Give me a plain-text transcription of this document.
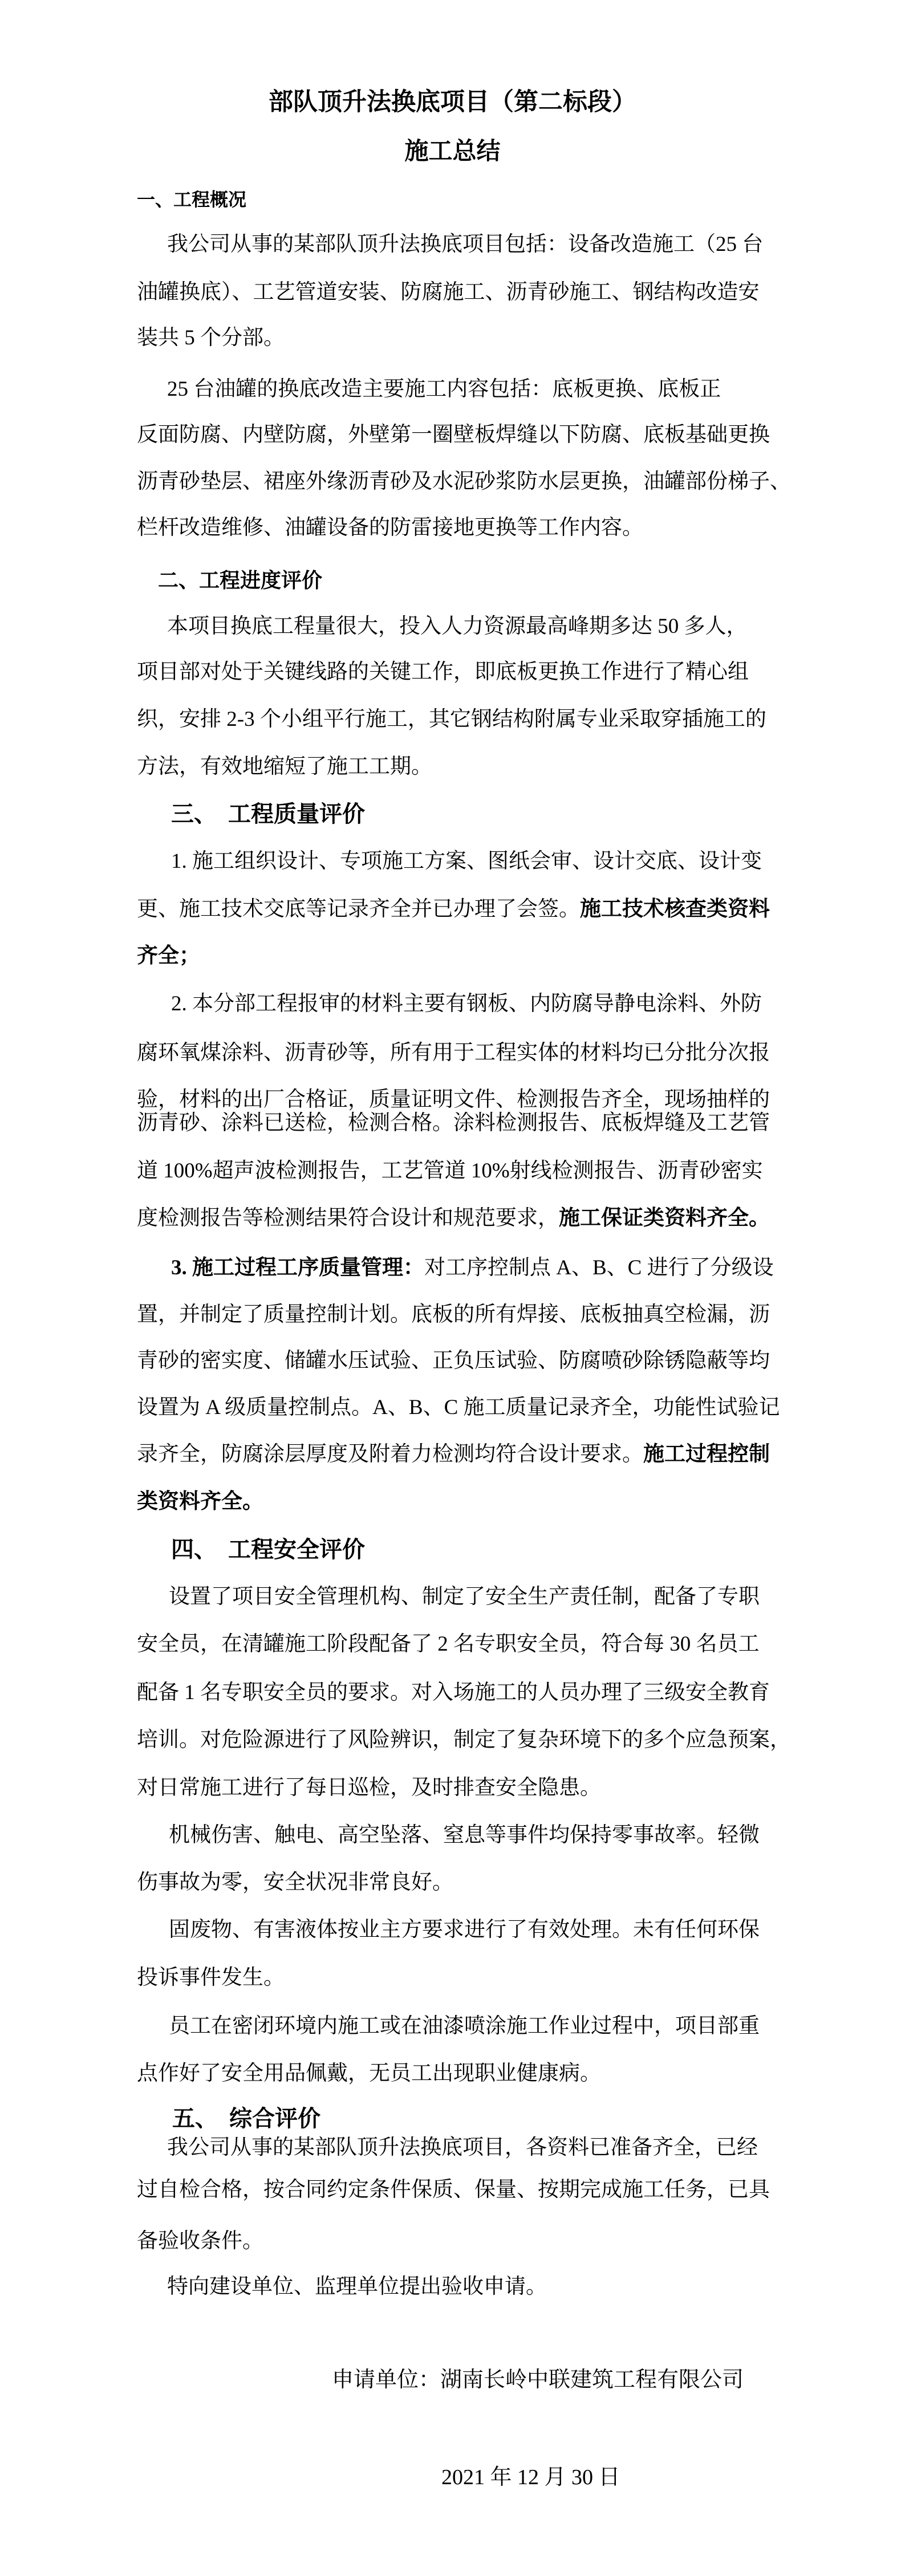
部队顶升法换底项目（第二标段）
施工总结
一、工程概况
二、工程进度评价
三、　工程质量评价
四、　工程安全评价
五、　综合评价
申请单位：湖南长岭中联建筑工程有限公司
2021 年 12 月 30 日
我公司从事的某部队顶升法换底项目包括：设备改造施工（25 台
油罐换底）、工艺管道安装、防腐施工、沥青砂施工、钢结构改造安
装共 5 个分部。
25 台油罐的换底改造主要施工内容包括：底板更换、底板正
反面防腐、内壁防腐，外壁第一圈壁板焊缝以下防腐、底板基础更换
沥青砂垫层、裙座外缘沥青砂及水泥砂浆防水层更换，油罐部份梯子、
栏杆改造维修、油罐设备的防雷接地更换等工作内容。
本项目换底工程量很大，投入人力资源最高峰期多达 50 多人，
项目部对处于关键线路的关键工作，即底板更换工作进行了精心组
织，安排 2-3 个小组平行施工，其它钢结构附属专业采取穿插施工的
方法，有效地缩短了施工工期。
1. 施工组织设计、专项施工方案、图纸会审、设计交底、设计变
更、施工技术交底等记录齐全并已办理了会签。施工技术核查类资料
齐全；
2. 本分部工程报审的材料主要有钢板、内防腐导静电涂料、外防
腐环氧煤涂料、沥青砂等，所有用于工程实体的材料均已分批分次报
验，材料的出厂合格证，质量证明文件、检测报告齐全，现场抽样的
沥青砂、涂料已送检，检测合格。涂料检测报告、底板焊缝及工艺管
道 100%超声波检测报告，工艺管道 10%射线检测报告、沥青砂密实
度检测报告等检测结果符合设计和规范要求，施工保证类资料齐全。
3. 施工过程工序质量管理：对工序控制点 A、B、C 进行了分级设
置，并制定了质量控制计划。底板的所有焊接、底板抽真空检漏，沥
青砂的密实度、储罐水压试验、正负压试验、防腐喷砂除锈隐蔽等均
设置为 A 级质量控制点。A、B、C 施工质量记录齐全，功能性试验记
录齐全，防腐涂层厚度及附着力检测均符合设计要求。施工过程控制
类资料齐全。
设置了项目安全管理机构、制定了安全生产责任制，配备了专职
安全员，在清罐施工阶段配备了 2 名专职安全员，符合每 30 名员工
配备 1 名专职安全员的要求。对入场施工的人员办理了三级安全教育
培训。对危险源进行了风险辨识，制定了复杂环境下的多个应急预案，
对日常施工进行了每日巡检，及时排查安全隐患。
机械伤害、触电、高空坠落、窒息等事件均保持零事故率。轻微
伤事故为零，安全状况非常良好。
固废物、有害液体按业主方要求进行了有效处理。未有任何环保
投诉事件发生。
员工在密闭环境内施工或在油漆喷涂施工作业过程中，项目部重
点作好了安全用品佩戴，无员工出现职业健康病。
我公司从事的某部队顶升法换底项目，各资料已准备齐全，已经
过自检合格，按合同约定条件保质、保量、按期完成施工任务，已具
备验收条件。
特向建设单位、监理单位提出验收申请。
